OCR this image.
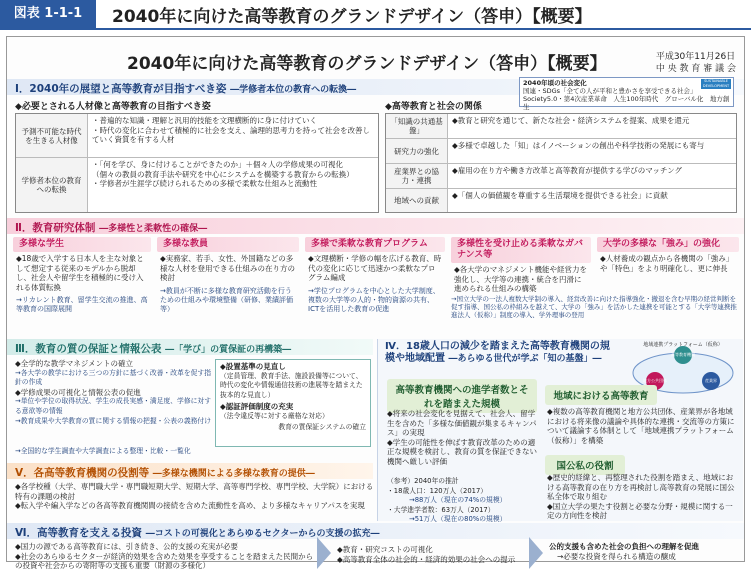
図表 1-1-1	2040年に向けた高等教育のグランドデザイン（答申）【概要】
2040年に向けた高等教育のグランドデザイン（答申）【概要】	平成30年11月26日
中 央 教 育 審 議 会
Ⅰ．2040年の展望と高等教育が目指すべき姿 ―学修者本位の教育への転換―
2040年頃の社会変化
国連・SDGs「全ての人が平和と豊かさを享受できる社会」
Society5.0・第4次産業革命　人生100年時代　グローバル化　地方創生
SUSTAINABLE DEVELOPMENT GOALS
◆必要とされる人材像と高等教育の目指すべき姿	◆高等教育と社会の関係
予測不可能な時代を生きる人材像
・普遍的な知識・理解と汎用的技能を文理横断的に身に付けていく
・時代の変化に合わせて積極的に社会を支え、論理的思考力を持って社会を改善していく資質を有する人材
学修者本位の教育への転換
・「何を学び、身に付けることができたのか」＋個々人の学修成果の可視化
（個々の教員の教育手法や研究を中心にシステムを構築する教育からの転換）
・学修者が生涯学び続けられるための多様で柔軟な仕組みと流動性
「知識の共通基盤」
◆教育と研究を通じて、新たな社会・経済システムを提案、成果を還元
研究力の強化
◆多様で卓越した「知」はイノベーションの創出や科学技術の発展にも寄与
産業界との協力・連携
◆雇用の在り方や働き方改革と高等教育が提供する学びのマッチング
地域への貢献
◆「個人の価値観を尊重する生活環境を提供できる社会」に貢献
Ⅱ．教育研究体制 ―多様性と柔軟性の確保―
多様な学生
◆18歳で入学する日本人を主な対象として想定する従来のモデルから脱却し、社会人や留学生を積極的に受け入れる体質転換
→リカレント教育、留学生交流の推進、高等教育の国際展開
多様な教員
◆実務家、若手、女性、外国籍などの多様な人材を登用できる仕組みの在り方の検討
→教員が不断に多様な教育研究活動を行うための仕組みや環境整備（研修、業績評価等）
多様で柔軟な教育プログラム
◆文理横断・学修の幅を広げる教育、時代の変化に応じて迅速かつ柔軟なプログラム編成
→学位プログラムを中心とした大学制度、複数の大学等の人的・物的資源の共有、ICTを活用した教育の促進
多様性を受け止める柔軟なガバナンス等
◆各大学のマネジメント機能や経営力を強化し、大学等の連携・統合を円滑に進められる仕組みの構築
大学の多様な「強み」の強化
◆人材養成の観点から各機関の「強み」や「特色」をより明確化し、更に伸長
→国立大学の一法人複数大学制の導入、経営改善に向けた指導強化・撤退を含む早期の経営判断を促す指導、国公私の枠組みを越えて、大学の「強み」を活かした連携を可能とする「大学等連携推進法人（仮称）」制度の導入、学外理事の登用
Ⅲ．教育の質の保証と情報公表 ―「学び」の質保証の再構築―
◆全学的な教学マネジメントの確立
→各大学の教学における三つの方針に基づく改善・改革を促す指針の作成
◆学修成果の可視化と情報公表の促進
→単位や学位の取得状況、学生の成長実感・満足度、学修に対する意欲等の情報
→教育成果や大学教育の質に関する情報の把握・公表の義務付け
→全国的な学生調査や大学調査による整理・比較・一覧化
◆設置基準の見直し
（定員管理、教育手法、施設設備等について、時代の変化や情報通信技術の進展等を踏まえた抜本的な見直し）
◆認証評価制度の充実
（法令違反等に対する厳格な対応）
教育の質保証システムの確立
Ⅴ．各高等教育機関の役割等 ―多様な機関による多様な教育の提供―
◆各学校種（大学、専門職大学・専門職短期大学、短期大学、高等専門学校、専門学校、大学院）における特有の課題の検討
◆転入学や編入学などの各高等教育機関間の接続を含めた流動性を高め、より多様なキャリアパスを実現
Ⅳ．18歳人口の減少を踏まえた高等教育機関の規模や地域配置 ―あらゆる世代が学ぶ「知の基盤」―
地域連携プラットフォーム（仮称）
高等教育機関
地方公共団体	産業界
高等教育機関への進学者数とそれを踏まえた規模
◆将来の社会変化を見据えて、社会人、留学生を含めた「多様な価値観が集まるキャンパス」の実現
◆学生の可能性を伸ばす教育改革のための適正な規模を検討し、教育の質を保証できない機関へ厳しい評価
（参考）2040年の推計
・18歳人口：120万人（2017）
→88万人（現在の74%の規模）
・大学進学者数：63万人（2017）
→51万人（現在の80%の規模）
地域における高等教育
◆複数の高等教育機関と地方公共団体、産業界が各地域における将来像の議論や具体的な連携・交流等の方策について議論する体制として「地域連携プラットフォーム（仮称）」を構築
国公私の役割
◆歴史的経緯と、再整理された役割を踏まえ、地域における高等教育の在り方を再検討し高等教育の発展に国公私全体で取り組む
◆国立大学の果たす役割と必要な分野・規模に関する一定の方向性を検討
Ⅵ．高等教育を支える投資 ―コストの可視化とあらゆるセクターからの支援の拡充―
◆国力の源である高等教育には、引き続き、公的支援の充実が必要
◆社会のあらゆるセクターが経済的効果を含めた効果を享受することを踏まえた民間からの投資や社会からの寄附等の支援も重要（財源の多様化）
◆教育・研究コストの可視化
◆高等教育全体の社会的・経済的効果の社会への提示
公的支援も含めた社会の負担への理解を促進
→必要な投資を得られる構造の醸成
